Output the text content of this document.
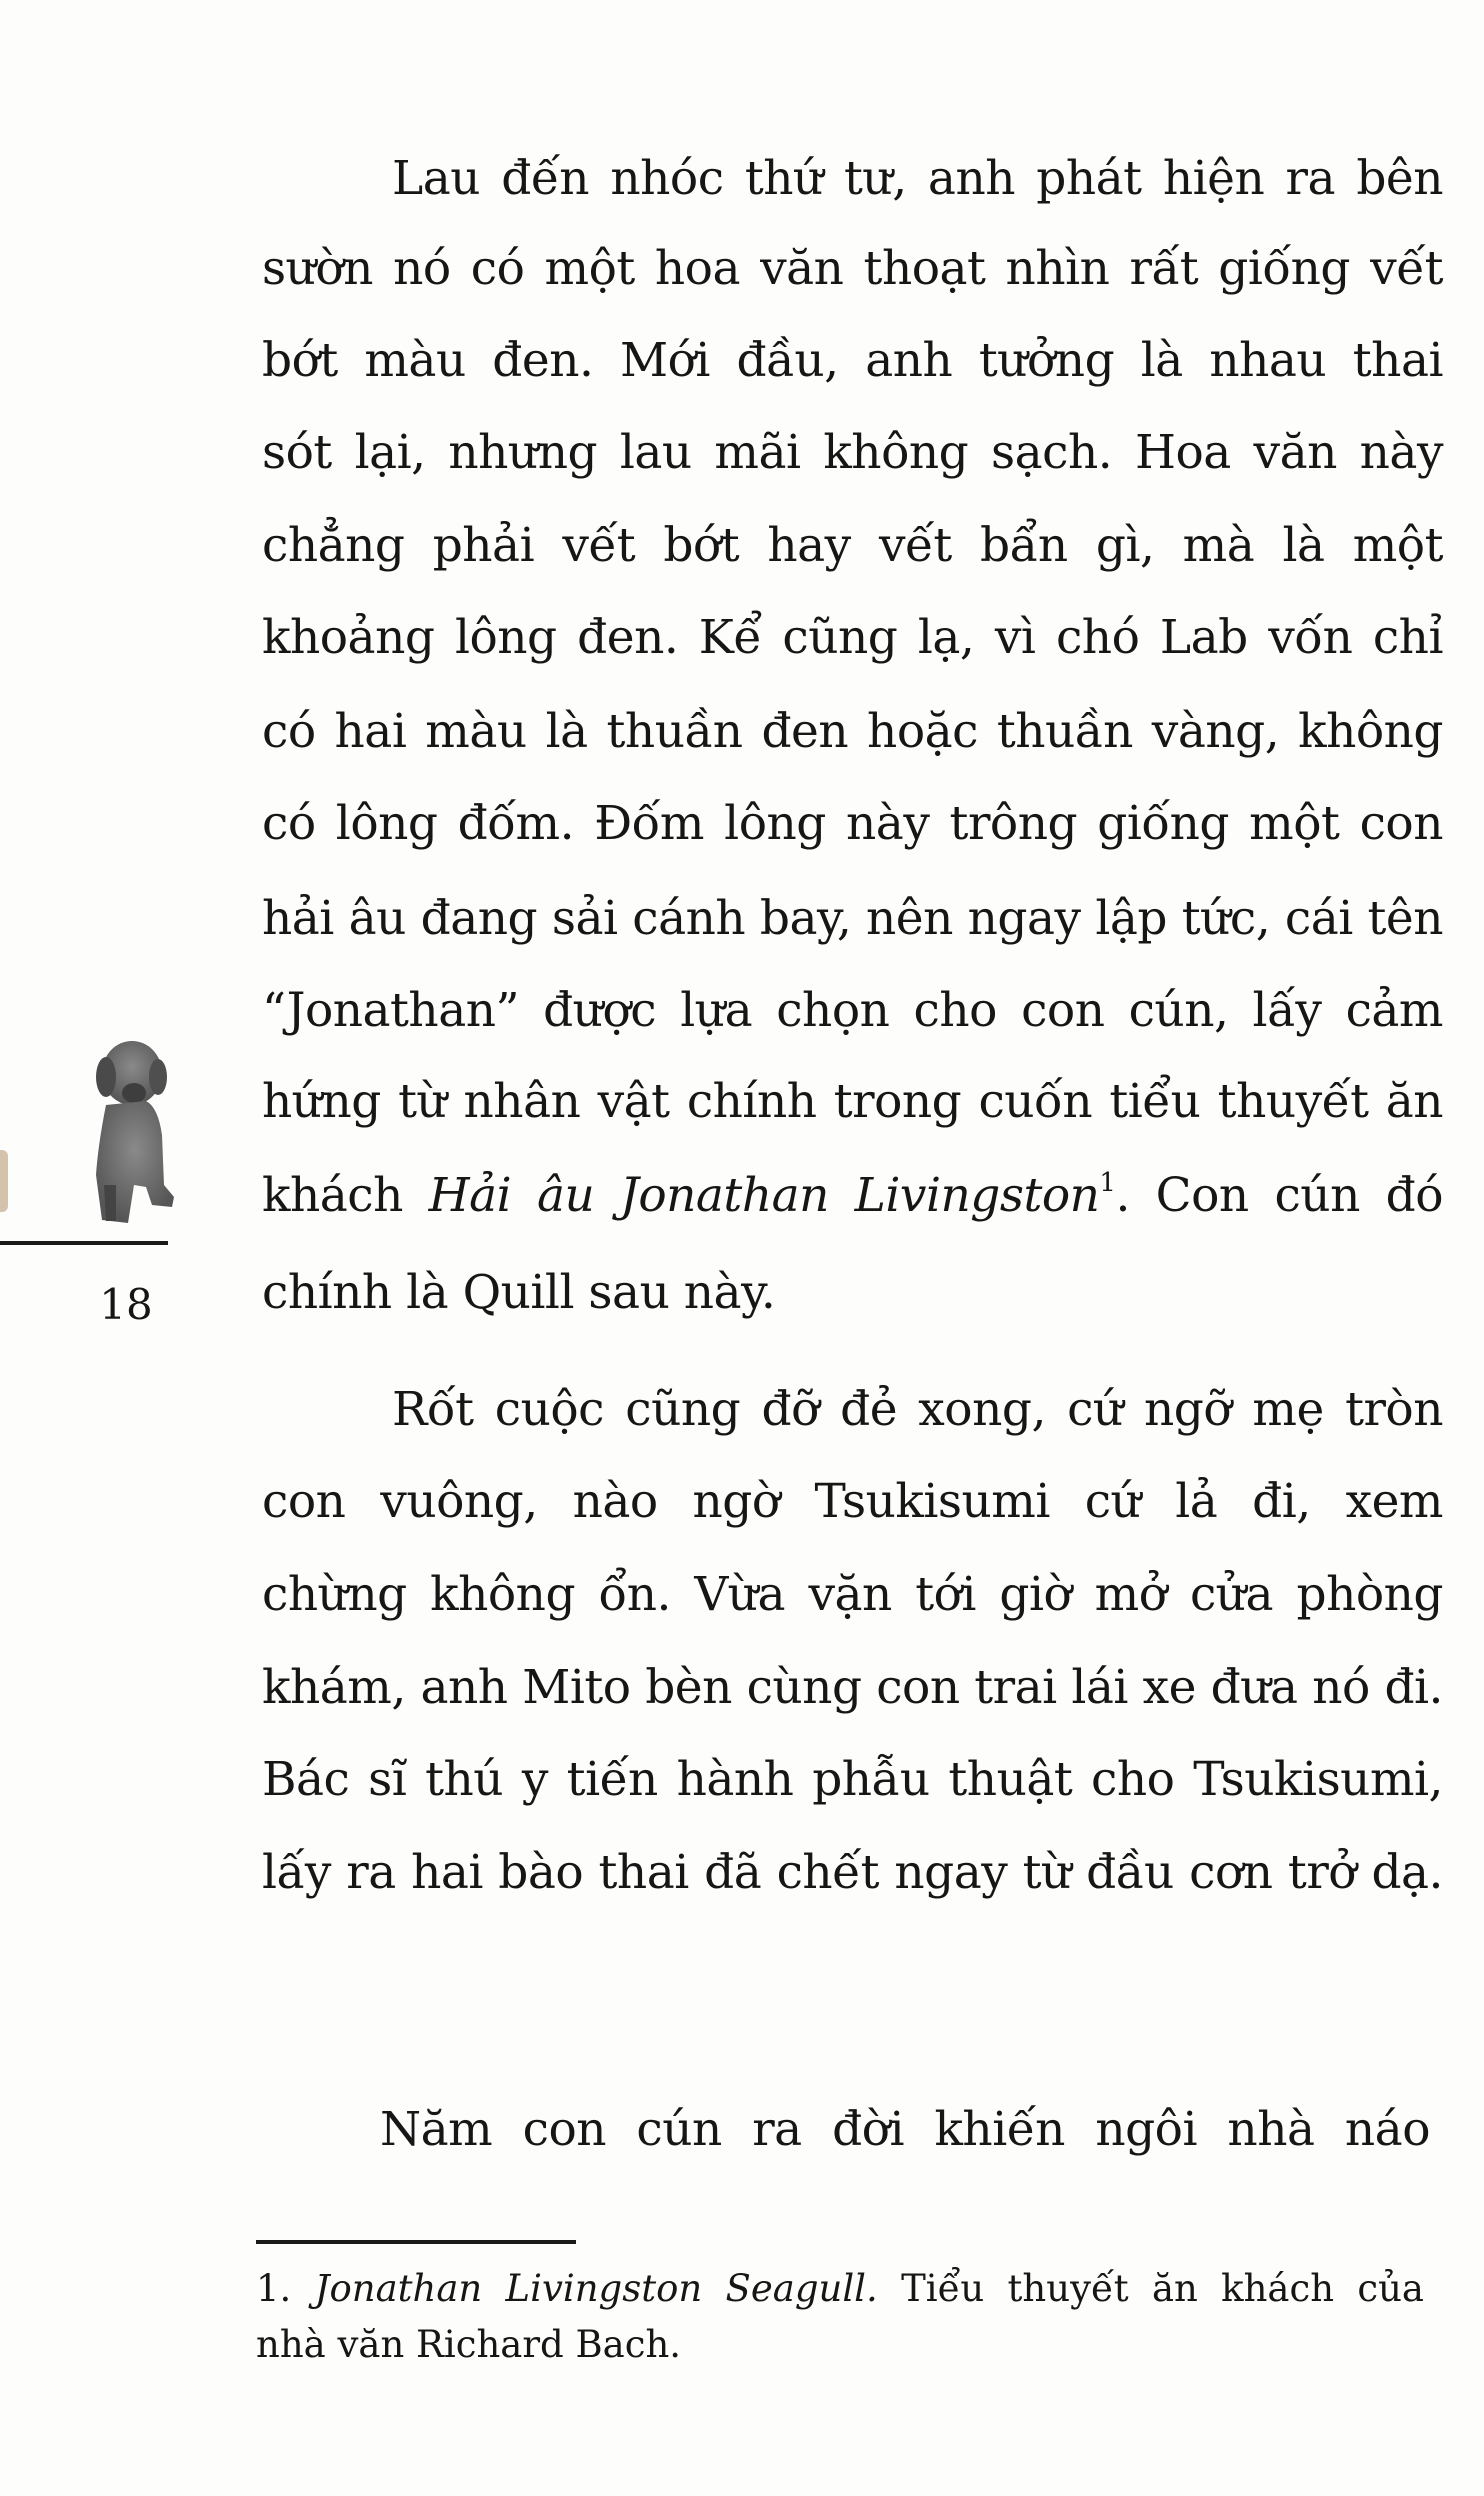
18
Lau đến nhóc thứ tư, anh phát hiện ra bên
sườn nó có một hoa văn thoạt nhìn rất giống vết
bớt màu đen. Mới đầu, anh tưởng là nhau thai
sót lại, nhưng lau mãi không sạch. Hoa văn này
chẳng phải vết bớt hay vết bẩn gì, mà là một
khoảng lông đen. Kể cũng lạ, vì chó Lab vốn chỉ
có hai màu là thuần đen hoặc thuần vàng, không
có lông đốm. Đốm lông này trông giống một con
hải âu đang sải cánh bay, nên ngay lập tức, cái tên
“Jonathan” được lựa chọn cho con cún, lấy cảm
hứng từ nhân vật chính trong cuốn tiểu thuyết ăn
khách Hải âu Jonathan Livingston$^1$. Con cún đó
chính là Quill sau này.
Rốt cuộc cũng đỡ đẻ xong, cứ ngỡ mẹ tròn
con vuông, nào ngờ Tsukisumi cứ lả đi, xem
chừng không ổn. Vừa vặn tới giờ mở cửa phòng
khám, anh Mito bèn cùng con trai lái xe đưa nó đi.
Bác sĩ thú y tiến hành phẫu thuật cho Tsukisumi,
lấy ra hai bào thai đã chết ngay từ đầu cơn trở dạ.
Năm con cún ra đời khiến ngôi nhà náo
1. Jonathan Livingston Seagull. Tiểu thuyết ăn khách của
nhà văn Richard Bach.
